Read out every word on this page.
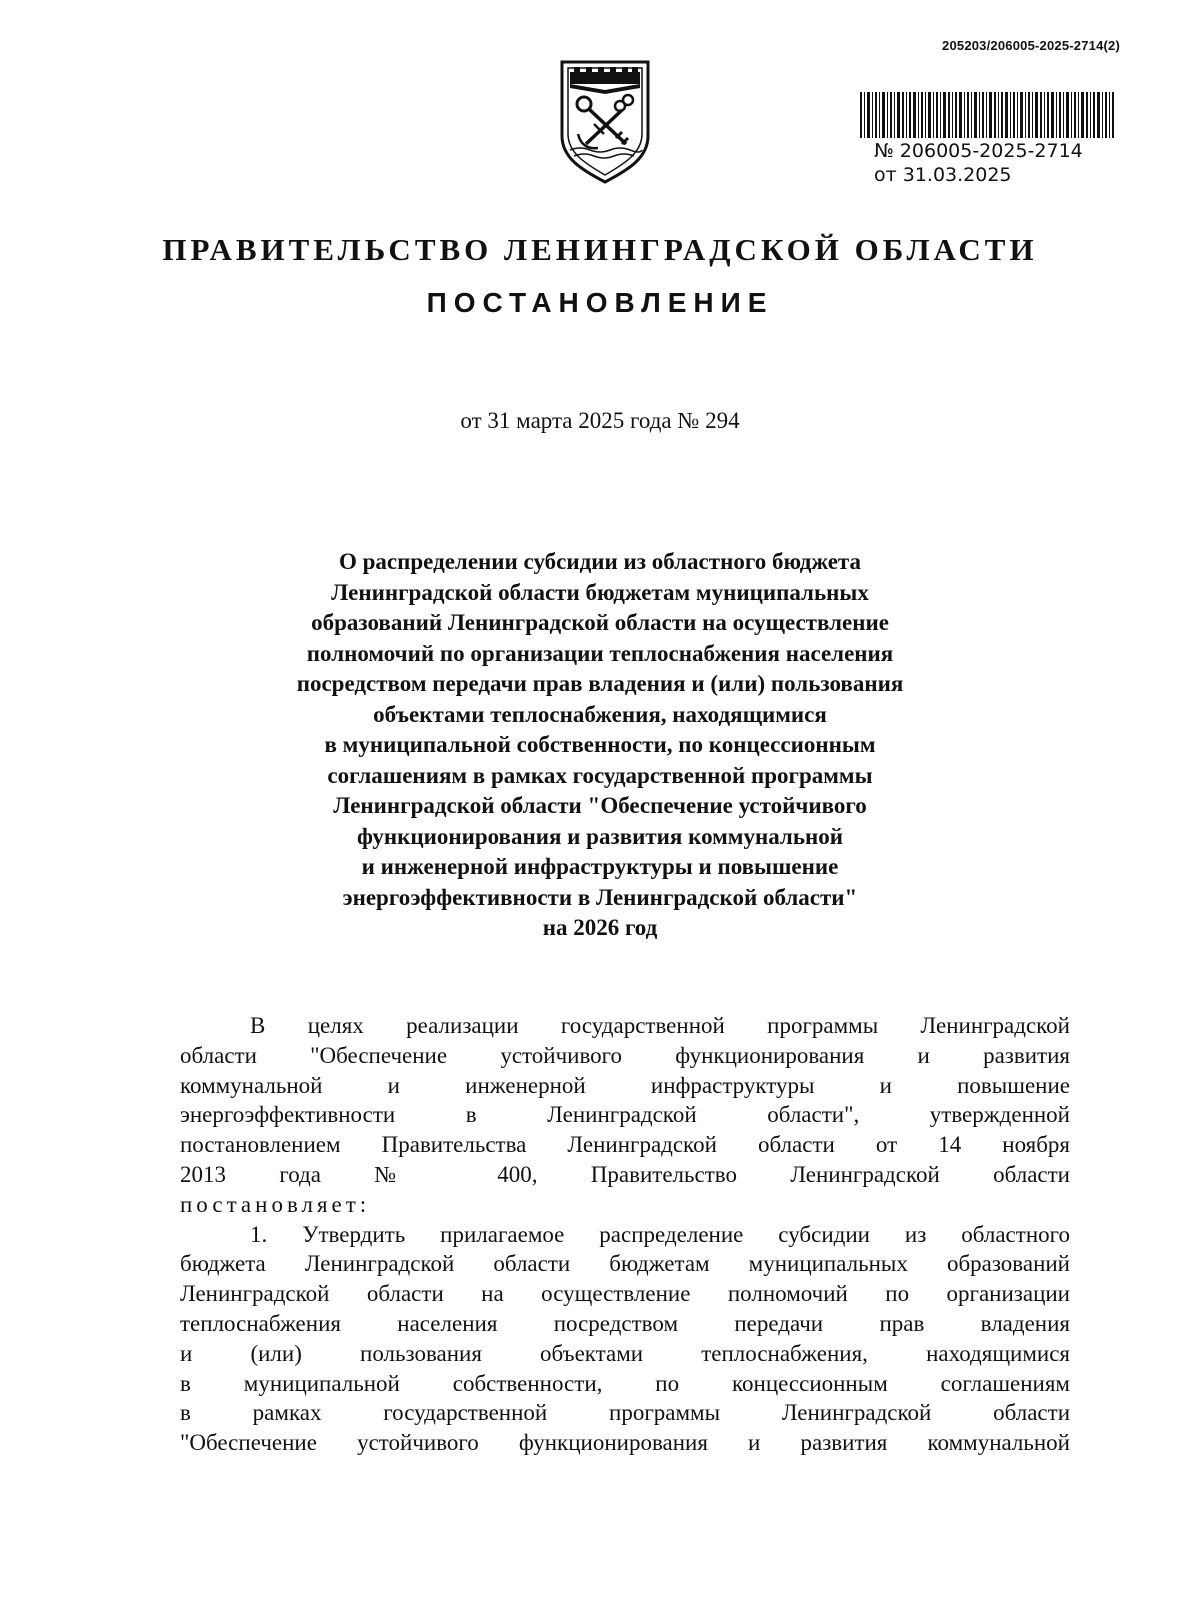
205203/206005-2025-2714(2)
№ 206005-2025-2714
от 31.03.2025
ПРАВИТЕЛЬСТВО ЛЕНИНГРАДСКОЙ ОБЛАСТИ
ПОСТАНОВЛЕНИЕ
от 31 марта 2025 года № 294
О распределении субсидии из областного бюджета
Ленинградской области бюджетам муниципальных
образований Ленинградской области на осуществление
полномочий по организации теплоснабжения населения
посредством передачи прав владения и (или) пользования
объектами теплоснабжения, находящимися
в муниципальной собственности, по концессионным
соглашениям в рамках государственной программы
Ленинградской области "Обеспечение устойчивого
функционирования и развития коммунальной
и инженерной инфраструктуры и повышение
энергоэффективности в Ленинградской области"
на 2026 год
В целях реализации государственной программы Ленинградской
области "Обеспечение устойчивого функционирования и развития
коммунальной и инженерной инфраструктуры и повышение
энергоэффективности в Ленинградской области", утвержденной
постановлением Правительства Ленинградской области от 14 ноября
2013 года № 400, Правительство Ленинградской области
постановляет:
1. Утвердить прилагаемое распределение субсидии из областного
бюджета Ленинградской области бюджетам муниципальных образований
Ленинградской области на осуществление полномочий по организации
теплоснабжения населения посредством передачи прав владения
и (или) пользования объектами теплоснабжения, находящимися
в муниципальной собственности, по концессионным соглашениям
в рамках государственной программы Ленинградской области
"Обеспечение устойчивого функционирования и развития коммунальной
